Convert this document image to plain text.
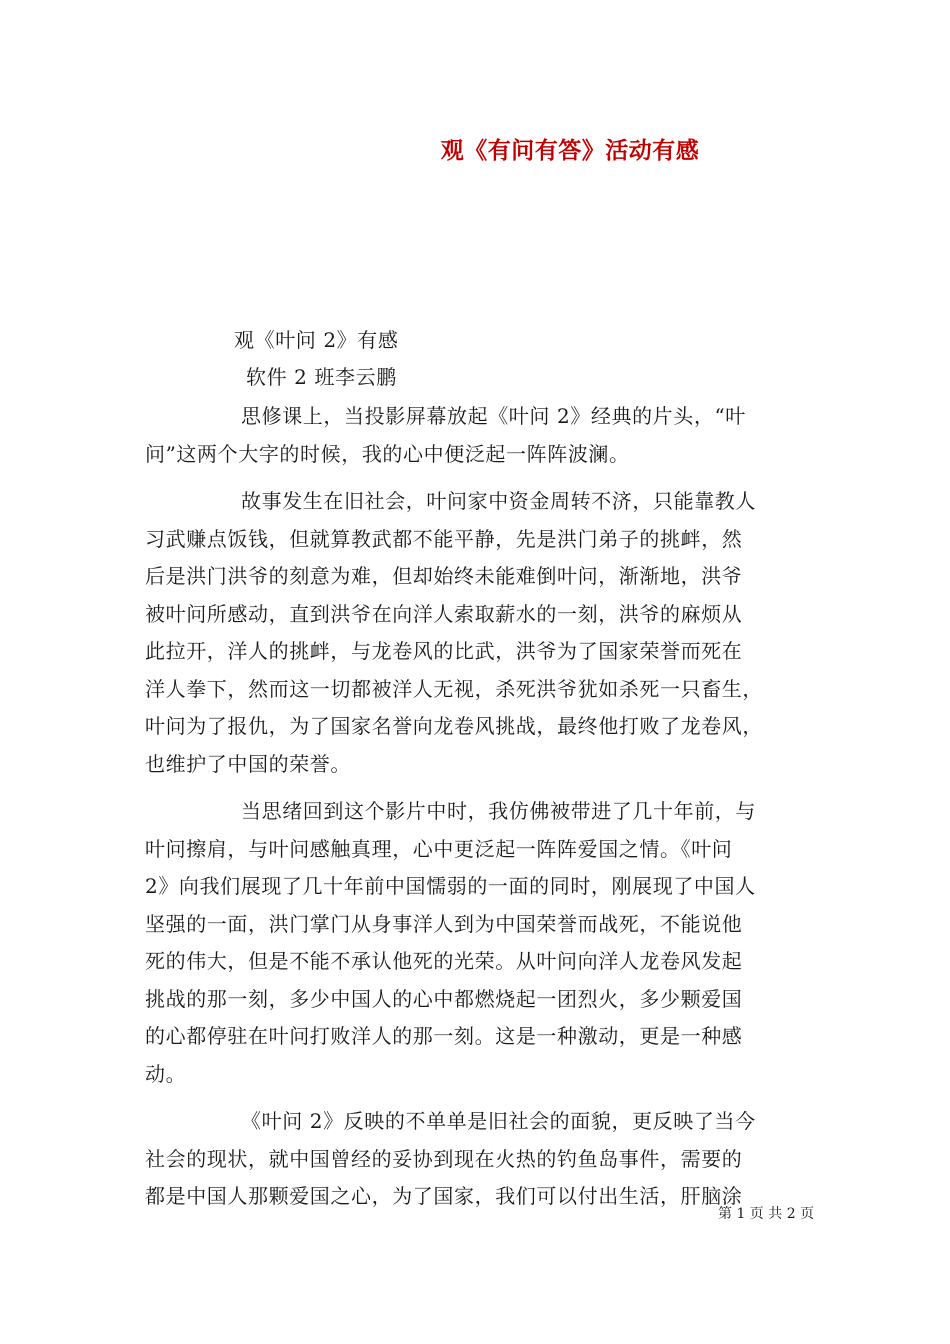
观《有问有答》活动有感
观《叶问 2》有感
软件 2 班李云鹏
思修课上，当投影屏幕放起《叶问 2》经典的片头，“叶
问”这两个大字的时候，我的心中便泛起一阵阵波澜。
故事发生在旧社会，叶问家中资金周转不济，只能靠教人
习武赚点饭钱，但就算教武都不能平静，先是洪门弟子的挑衅，然
后是洪门洪爷的刻意为难，但却始终未能难倒叶问，渐渐地，洪爷
被叶问所感动，直到洪爷在向洋人索取薪水的一刻，洪爷的麻烦从
此拉开，洋人的挑衅，与龙卷风的比武，洪爷为了国家荣誉而死在
洋人拳下，然而这一切都被洋人无视，杀死洪爷犹如杀死一只畜生，
叶问为了报仇，为了国家名誉向龙卷风挑战，最终他打败了龙卷风，
也维护了中国的荣誉。
当思绪回到这个影片中时，我仿佛被带进了几十年前，与
叶问擦肩，与叶问感触真理，心中更泛起一阵阵爱国之情。《叶问
2》向我们展现了几十年前中国懦弱的一面的同时，刚展现了中国人
坚强的一面，洪门掌门从身事洋人到为中国荣誉而战死，不能说他
死的伟大，但是不能不承认他死的光荣。从叶问向洋人龙卷风发起
挑战的那一刻，多少中国人的心中都燃烧起一团烈火，多少颗爱国
的心都停驻在叶问打败洋人的那一刻。这是一种激动，更是一种感
动。
《叶问 2》反映的不单单是旧社会的面貌，更反映了当今
社会的现状，就中国曾经的妥协到现在火热的钓鱼岛事件，需要的
都是中国人那颗爱国之心，为了国家，我们可以付出生活，肝脑涂
第 1 页 共 2 页
